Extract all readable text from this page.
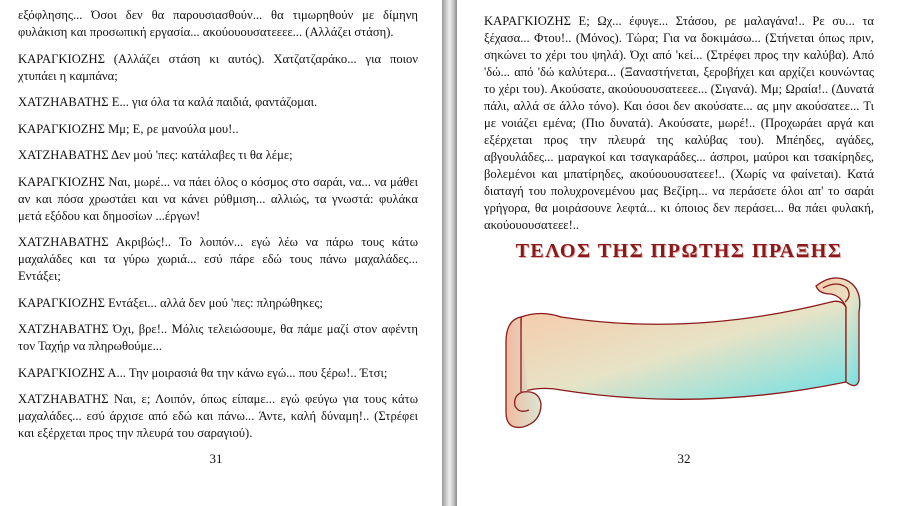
εξόφλησης... Όσοι δεν θα παρουσιασθούν... θα τιμωρηθούν με δίμηνη φυλάκιση και προσωπική εργασία... ακούουουσατεεεε... (Αλλάζει στάση).

ΚΑΡΑΓΚΙΟΖΗΣ (Αλλάζει στάση κι αυτός). Χατζατζαράκο... για ποιον χτυπάει η καμπάνα;

ΧΑΤΖΗΑΒΑΤΗΣ Ε... για όλα τα καλά παιδιά, φαντάζομαι.

ΚΑΡΑΓΚΙΟΖΗΣ Μμ; Ε, ρε μανούλα μου!..

ΧΑΤΖΗΑΒΑΤΗΣ Δεν μού 'πες: κατάλαβες τι θα λέμε;

ΚΑΡΑΓΚΙΟΖΗΣ Ναι, μωρέ... να πάει όλος ο κόσμος στο σαράι, να... να μάθει αν και πόσα χρωστάει και να κάνει ρύθμιση... αλλιώς, τα γνωστά: φυλάκα μετά εξόδου και δημοσίων ...έργων!

ΧΑΤΖΗΑΒΑΤΗΣ Ακριβώς!.. Το λοιπόν... εγώ λέω να πάρω τους κάτω μαχαλάδες και τα γύρω χωριά... εσύ πάρε εδώ τους πάνω μαχαλάδες... Εντάξει;

ΚΑΡΑΓΚΙΟΖΗΣ Εντάξει... αλλά δεν μού 'πες: πληρώθηκες;

ΧΑΤΖΗΑΒΑΤΗΣ Όχι, βρε!.. Μόλις τελειώσουμε, θα πάμε μαζί στον αφέντη τον Ταχήρ να πληρωθούμε...

ΚΑΡΑΓΚΙΟΖΗΣ Α... Την μοιρασιά θα την κάνω εγώ... που ξέρω!.. Έτσι;

ΧΑΤΖΗΑΒΑΤΗΣ Ναι, ε; Λοιπόν, όπως είπαμε... εγώ φεύγω για τους κάτω μαχαλάδες... εσύ άρχισε από εδώ και πάνω... Άντε, καλή δύναμη!.. (Στρέφει και εξέρχεται προς την πλευρά του σαραγιού).

31

ΚΑΡΑΓΚΙΟΖΗΣ Ε; Ωχ... έφυγε... Στάσου, ρε μαλαγάνα!.. Ρε συ... τα ξέχασα... Φτου!.. (Μόνος). Τώρα; Για να δοκιμάσω... (Στήνεται όπως πριν, σηκώνει το χέρι του ψηλά). Όχι από 'κεί... (Στρέφει προς την καλύβα). Από 'δώ... από 'δώ καλύτερα... (Ξαναστήνεται, ξεροβήχει και αρχίζει κουνώντας το χέρι του). Ακούσατε, ακούουουσατεεεε... (Σιγανά). Μμ; Ωραία!.. (Δυνατά πάλι, αλλά σε άλλο τόνο). Και όσοι δεν ακούσατε... ας μην ακούσατεε... Τι με νοιάζει εμένα; (Πιο δυνατά). Ακούσατε, μωρέ!.. (Προχωράει αργά και εξέρχεται προς την πλευρά της καλύβας του). Μπέηδες, αγάδες, αβγουλάδες... μαραγκοί και τσαγκαράδες... άσπροι, μαύροι και τσακίρηδες, βολεμένοι και μπατίρηδες, ακούουουσατεεε!.. (Χωρίς να φαίνεται). Κατά διαταγή του πολυχρονεμένου μας Βεζίρη... να περάσετε όλοι απ' το σαράι γρήγορα, θα μοιράσουνε λεφτά... κι όποιος δεν περάσει... θα πάει φυλακή, ακούουουσατεεε!..

ΤΕΛΟΣ ΤΗΣ ΠΡΩΤΗΣ ΠΡΑΞΗΣ
32
